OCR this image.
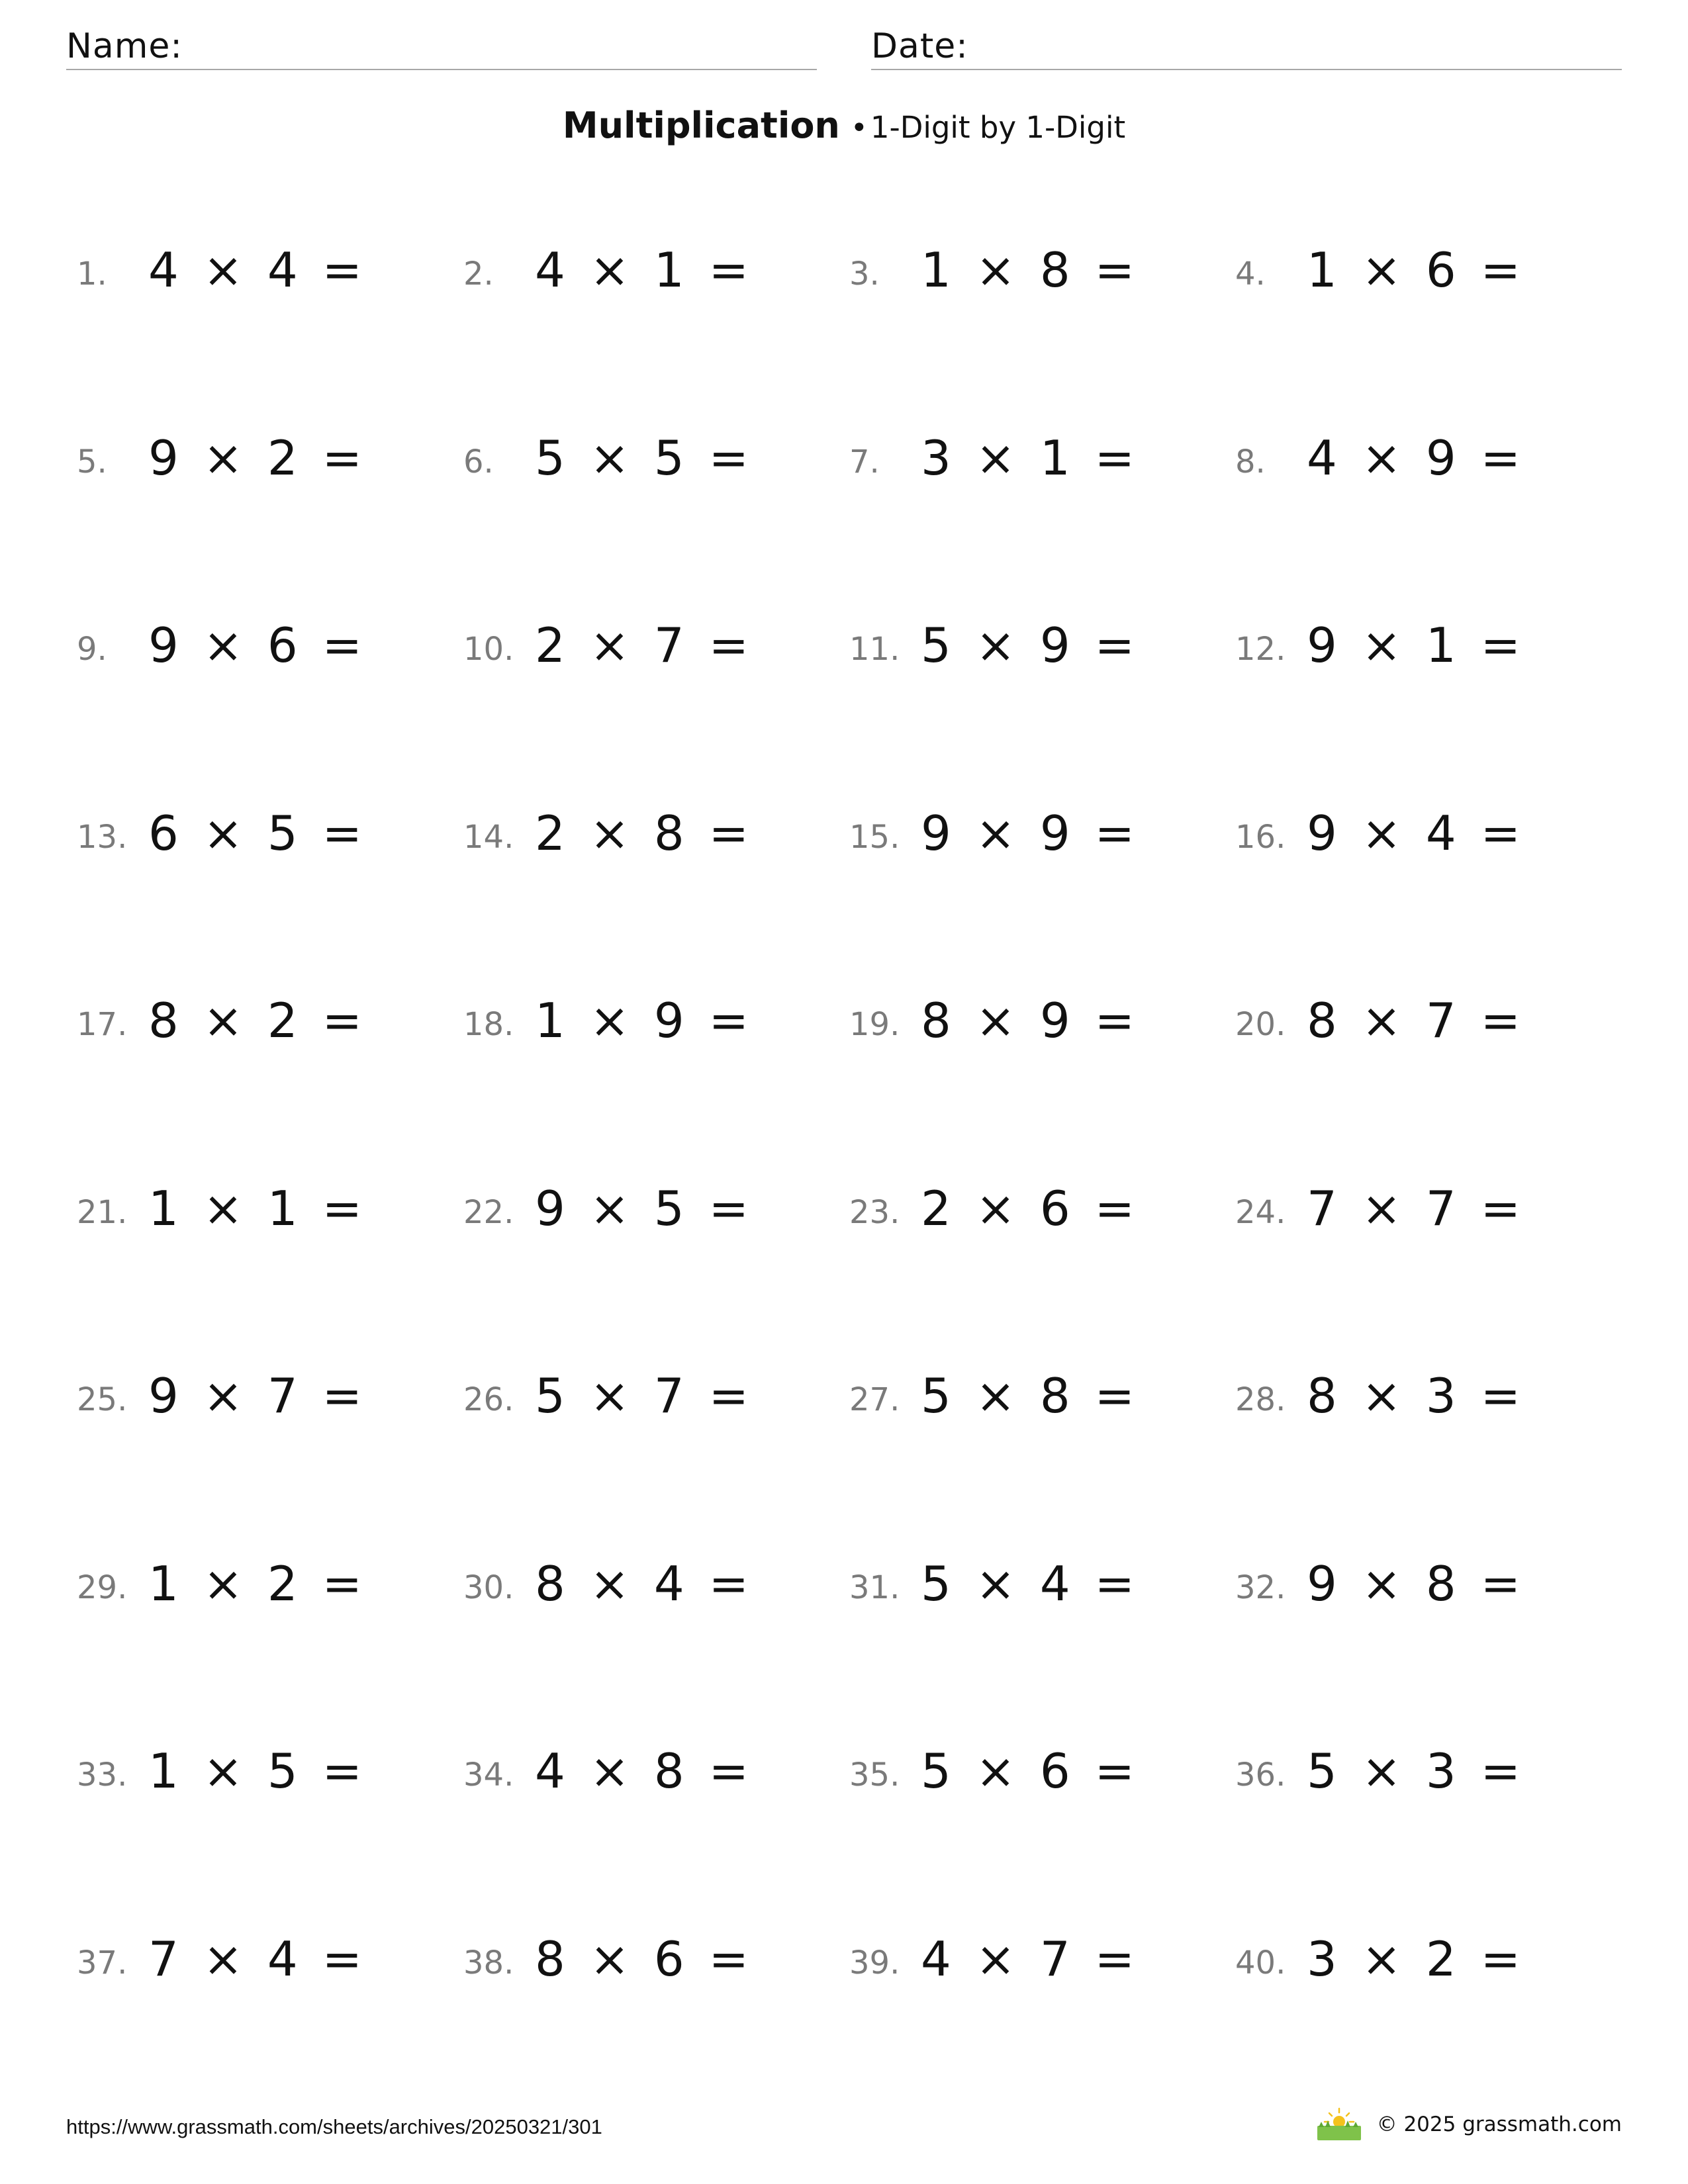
Name:	Date:
Multiplication •1-Digit by 1-Digit
1. 4 × 4 =	2. 4 × 1 =	3. 1 × 8 =	4. 1 × 6 =
5. 9 × 2 =	6. 5 × 5 =	7. 3 × 1 =	8. 4 × 9 =
9. 9 × 6 =	10. 2 × 7 =	11. 5 × 9 =	12. 9 × 1 =
13. 6 × 5 =	14. 2 × 8 =	15. 9 × 9 =	16. 9 × 4 =
17. 8 × 2 =	18. 1 × 9 =	19. 8 × 9 =	20. 8 × 7 =
21. 1 × 1 =	22. 9 × 5 =	23. 2 × 6 =	24. 7 × 7 =
25. 9 × 7 =	26. 5 × 7 =	27. 5 × 8 =	28. 8 × 3 =
29. 1 × 2 =	30. 8 × 4 =	31. 5 × 4 =	32. 9 × 8 =
33. 1 × 5 =	34. 4 × 8 =	35. 5 × 6 =	36. 5 × 3 =
37. 7 × 4 =	38. 8 × 6 =	39. 4 × 7 =	40. 3 × 2 =
https://www.grassmath.com/sheets/archives/20250321/301	© 2025 grassmath.com
